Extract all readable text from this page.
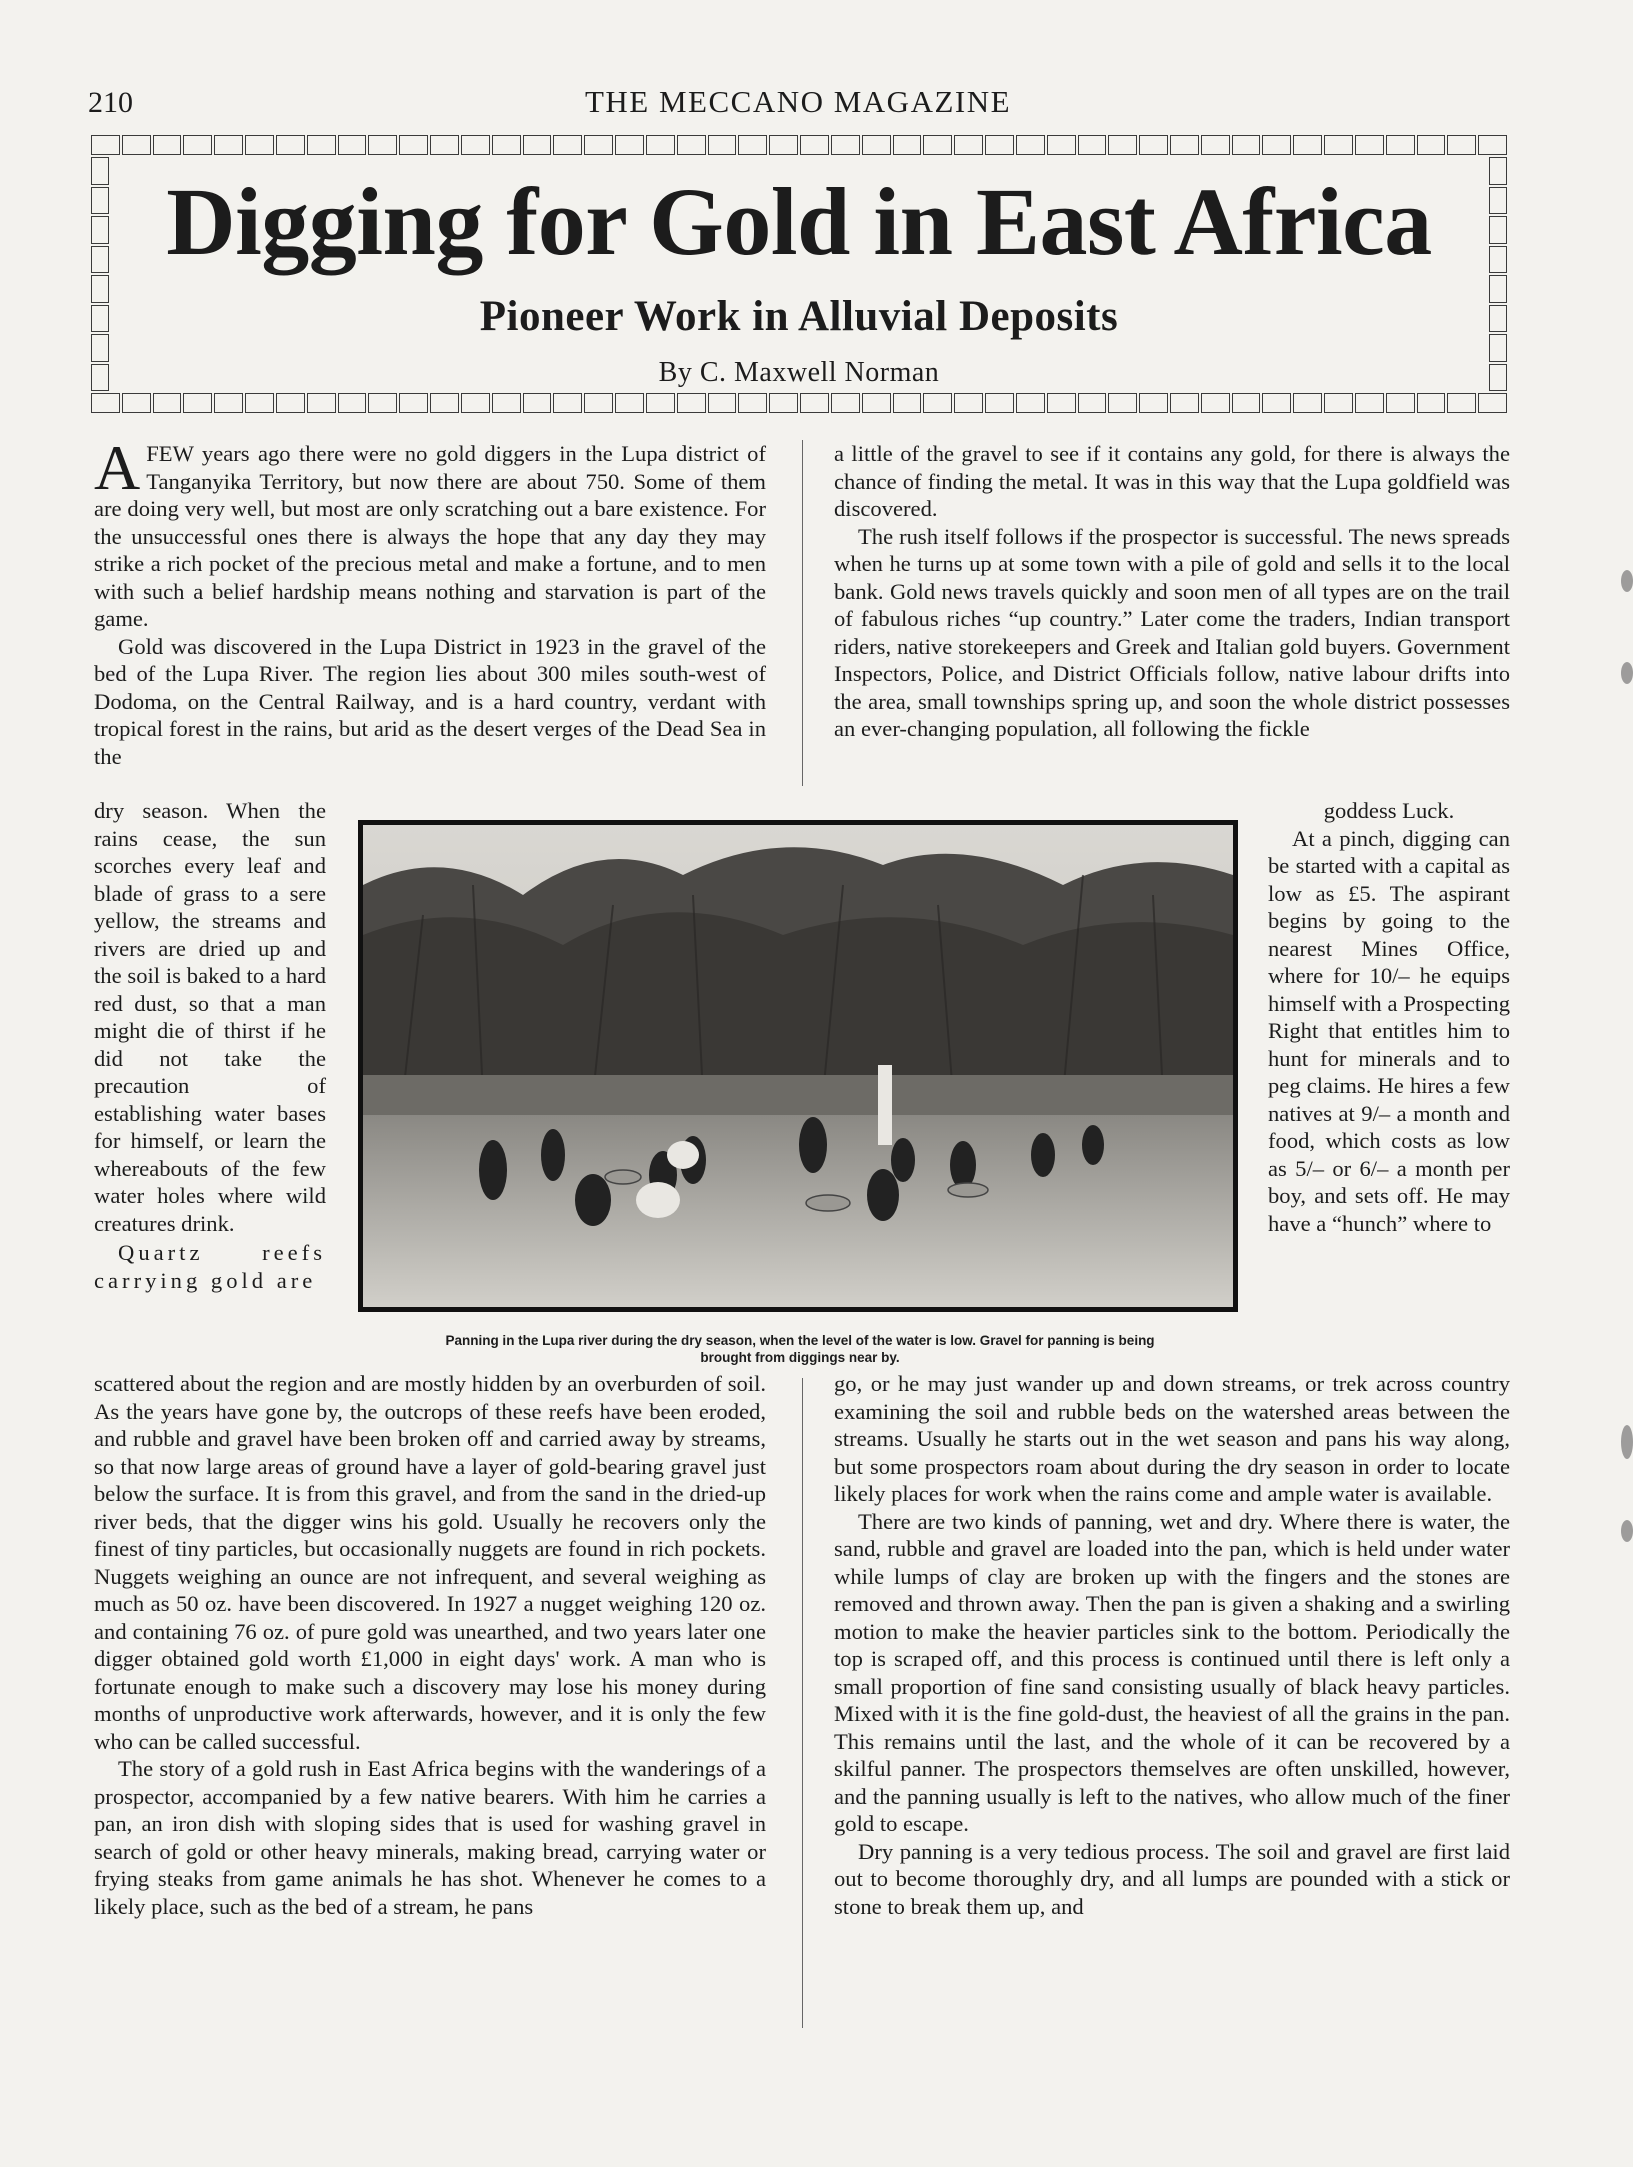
210	THE MECCANO MAGAZINE
Digging for Gold in East Africa
Pioneer Work in Alluvial Deposits
By C. Maxwell Norman

AFEW years ago there were no gold diggers in the Lupa district of Tanganyika Territory, but now there are about 750. Some of them are doing very well, but most are only scratching out a bare existence. For the unsuccessful ones there is always the hope that any day they may strike a rich pocket of the precious metal and make a fortune, and to men with such a belief hardship means nothing and starvation is part of the game.

Gold was discovered in the Lupa District in 1923 in the gravel of the bed of the Lupa River. The region lies about 300 miles south-west of Dodoma, on the Central Railway, and is a hard country, verdant with tropical forest in the rains, but arid as the desert verges of the Dead Sea in the

a little of the gravel to see if it contains any gold, for there is always the chance of finding the metal. It was in this way that the Lupa goldfield was discovered.

The rush itself follows if the prospector is successful. The news spreads when he turns up at some town with a pile of gold and sells it to the local bank. Gold news travels quickly and soon men of all types are on the trail of fabulous riches “up country.” Later come the traders, Indian transport riders, native storekeepers and Greek and Italian gold buyers. Government Inspectors, Police, and District Officials follow, native labour drifts into the area, small townships spring up, and soon the whole district possesses an ever-changing population, all following the fickle

dry season. When the rains cease, the sun scorches every leaf and blade of grass to a sere yellow, the streams and rivers are dried up and the soil is baked to a hard red dust, so that a man might die of thirst if he did not take the precaution of establishing water bases for himself, or learn the whereabouts of the few water holes where wild creatures drink.

Quartz reefs carrying gold are

Panning in the Lupa river during the dry season, when the level of the water is low. Gravel for panning is being
brought from diggings near by.

goddess Luck.

At a pinch, digging can be started with a capital as low as £5. The aspirant begins by going to the nearest Mines Office, where for 10/– he equips himself with a Prospecting Right that entitles him to hunt for minerals and to peg claims. He hires a few natives at 9/– a month and food, which costs as low as 5/– or 6/– a month per boy, and sets off. He may have a “hunch” where to

scattered about the region and are mostly hidden by an overburden of soil. As the years have gone by, the outcrops of these reefs have been eroded, and rubble and gravel have been broken off and carried away by streams, so that now large areas of ground have a layer of gold-bearing gravel just below the surface. It is from this gravel, and from the sand in the dried-up river beds, that the digger wins his gold. Usually he recovers only the finest of tiny particles, but occasionally nuggets are found in rich pockets. Nuggets weighing an ounce are not infrequent, and several weighing as much as 50 oz. have been discovered. In 1927 a nugget weighing 120 oz. and containing 76 oz. of pure gold was unearthed, and two years later one digger obtained gold worth £1,000 in eight days' work. A man who is fortunate enough to make such a discovery may lose his money during months of unproductive work afterwards, however, and it is only the few who can be called successful.

The story of a gold rush in East Africa begins with the wanderings of a prospector, accompanied by a few native bearers. With him he carries a pan, an iron dish with sloping sides that is used for washing gravel in search of gold or other heavy minerals, making bread, carrying water or frying steaks from game animals he has shot. Whenever he comes to a likely place, such as the bed of a stream, he pans

go, or he may just wander up and down streams, or trek across country examining the soil and rubble beds on the watershed areas between the streams. Usually he starts out in the wet season and pans his way along, but some prospectors roam about during the dry season in order to locate likely places for work when the rains come and ample water is available.

There are two kinds of panning, wet and dry. Where there is water, the sand, rubble and gravel are loaded into the pan, which is held under water while lumps of clay are broken up with the fingers and the stones are removed and thrown away. Then the pan is given a shaking and a swirling motion to make the heavier particles sink to the bottom. Periodically the top is scraped off, and this process is continued until there is left only a small proportion of fine sand consisting usually of black heavy particles. Mixed with it is the fine gold-dust, the heaviest of all the grains in the pan. This remains until the last, and the whole of it can be recovered by a skilful panner. The prospectors themselves are often unskilled, however, and the panning usually is left to the natives, who allow much of the finer gold to escape.

Dry panning is a very tedious process. The soil and gravel are first laid out to become thoroughly dry, and all lumps are pounded with a stick or stone to break them up, and
